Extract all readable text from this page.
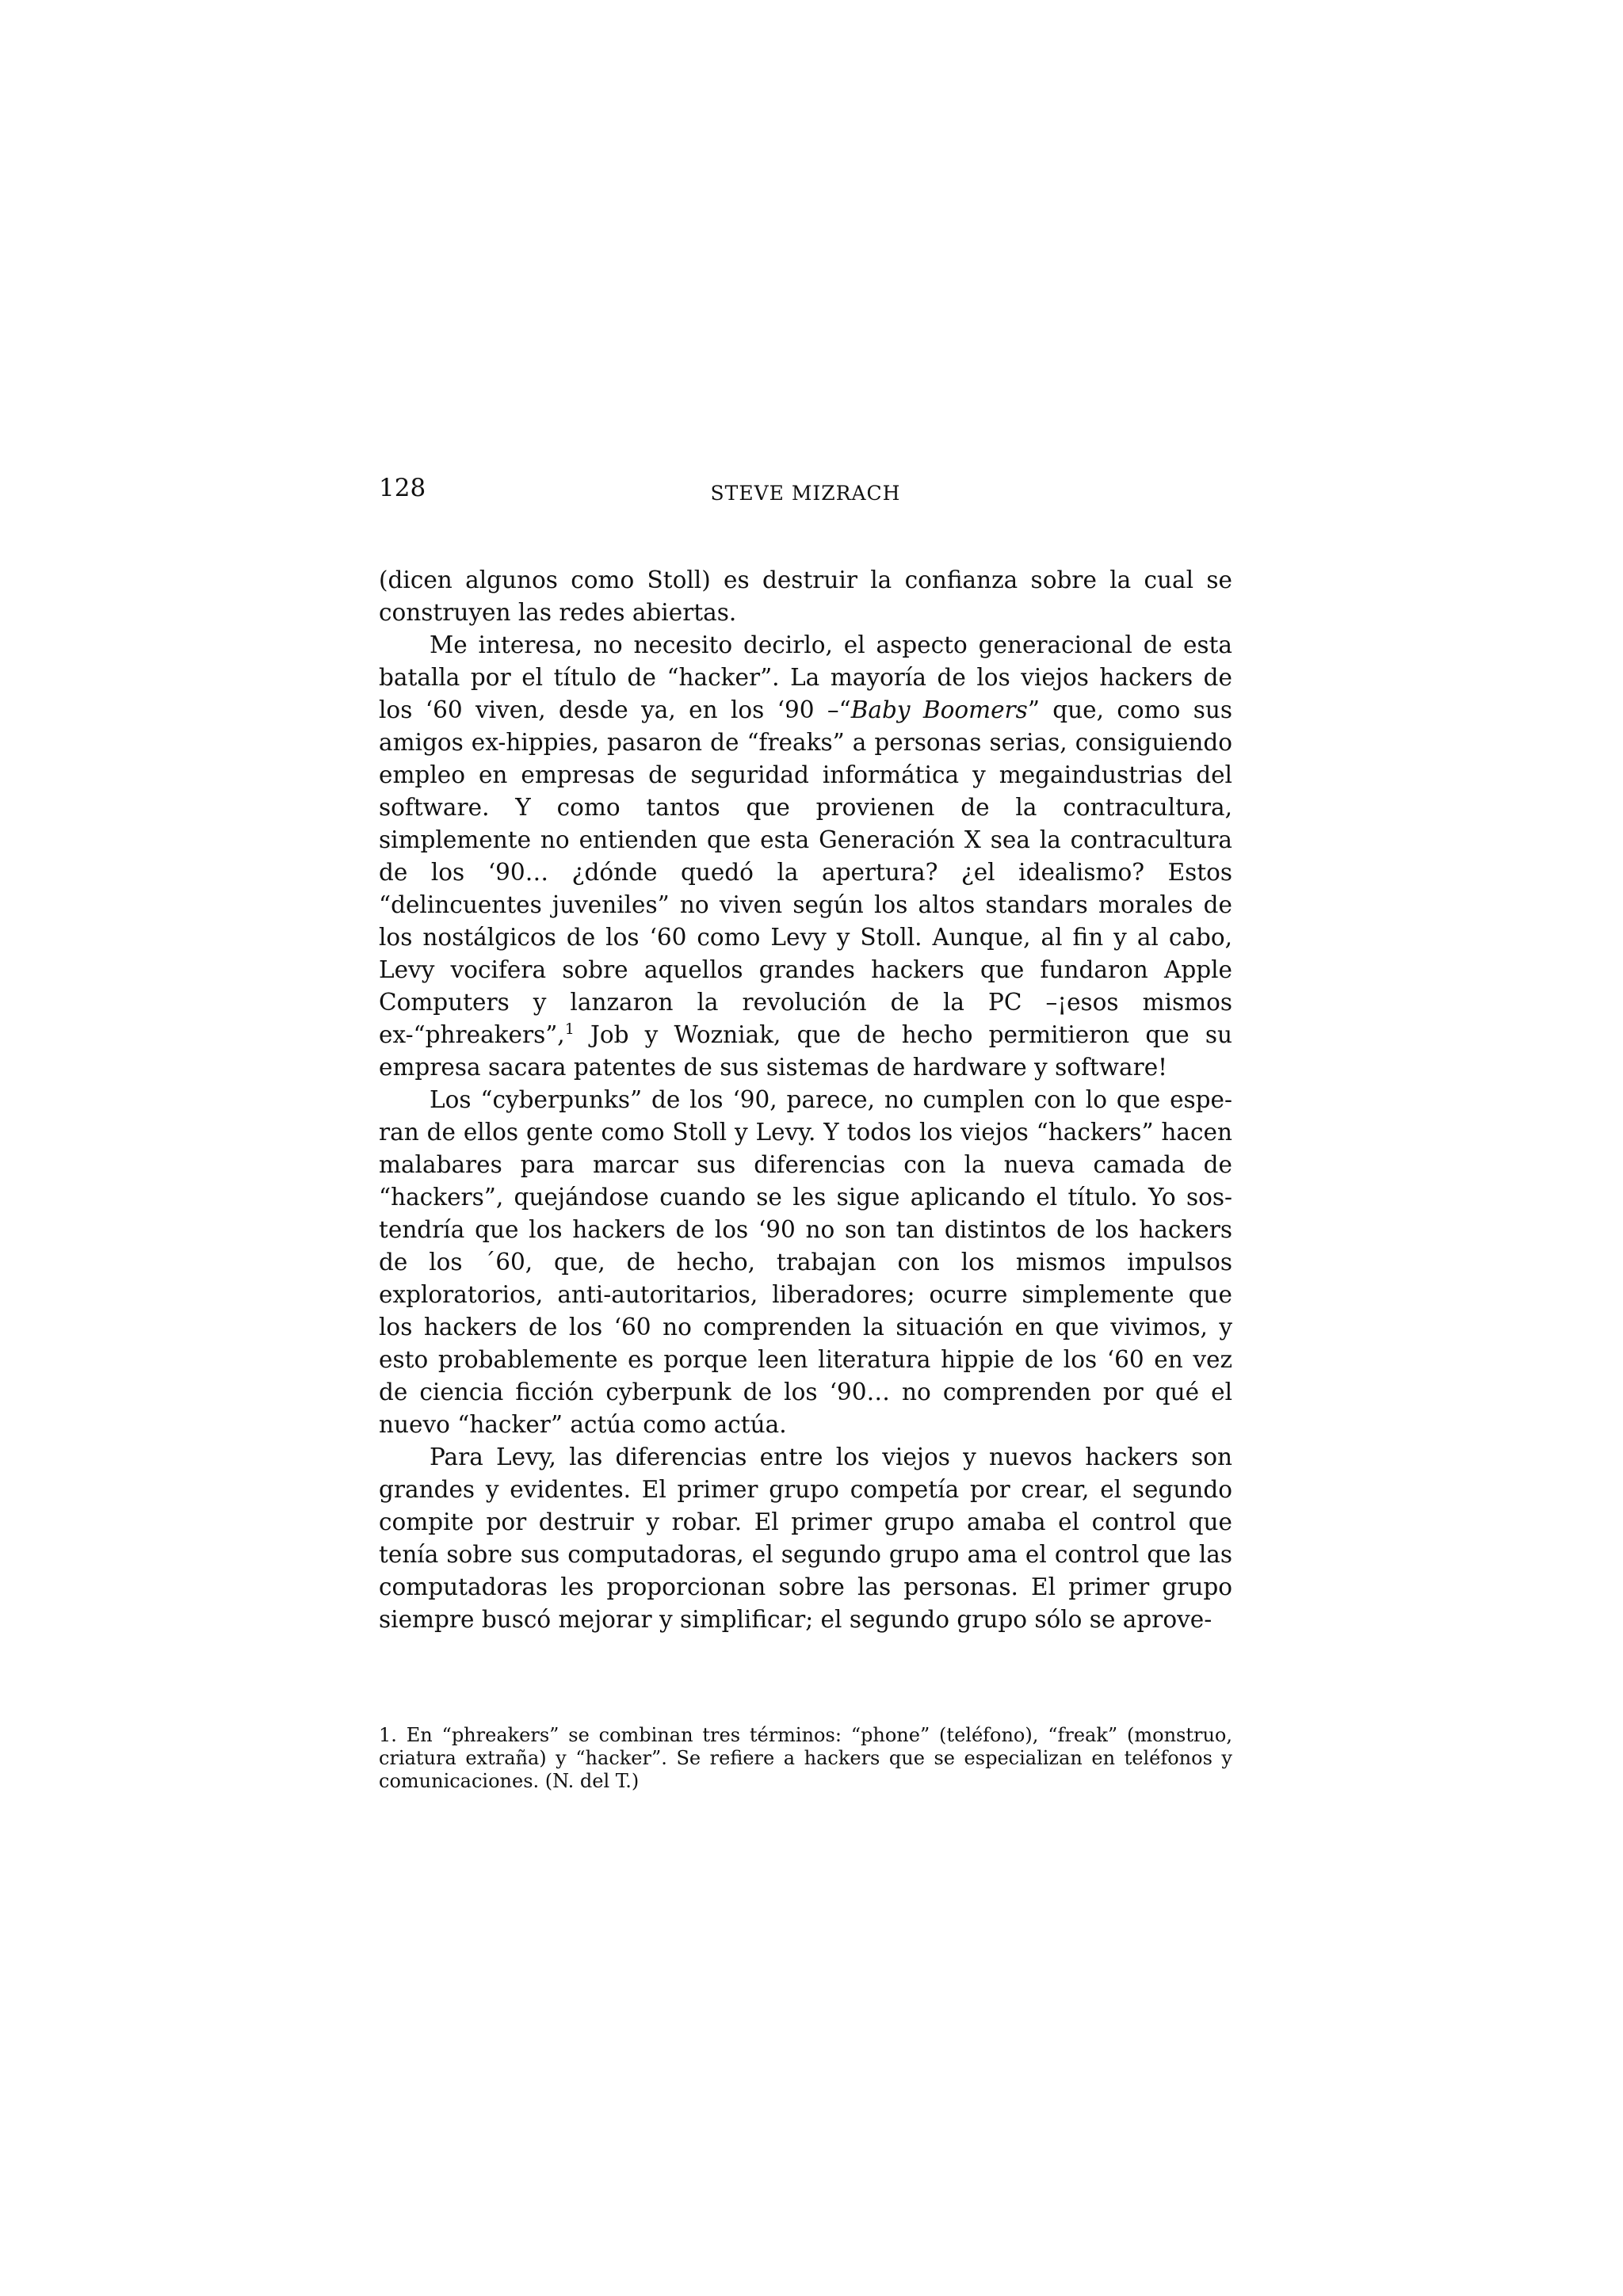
128	STEVE MIZRACH

(dicen algunos como Stoll) es destruir la confianza sobre la cual se construyen las redes abiertas.

Me interesa, no necesito decirlo, el aspecto generacional de esta batalla por el título de “hacker”. La mayoría de los viejos hackers de los ‘60 viven, desde ya, en los ‘90 –“Baby Boomers” que, como sus amigos ex-hippies, pasaron de “freaks” a personas serias, consiguiendo empleo en empresas de seguridad informática y megaindustrias del software. Y como tantos que provienen de la contracultura, simplemente no entienden que esta Generación X sea la contracultura de los ‘90… ¿dónde quedó la apertura? ¿el idealismo? Estos “delincuentes juveniles” no viven según los altos standars morales de los nostálgicos de los ‘60 como Levy y Stoll. Aunque, al fin y al cabo, Levy vocifera sobre aquellos grandes hackers que fundaron Apple Computers y lanzaron la revolución de la PC –¡esos mismos ex-“phreakers”,$^1$ Job y Wozniak, que de hecho permitieron que su empresa sacara patentes de sus sistemas de hardware y software!

Los “cyberpunks” de los ‘90, parece, no cumplen con lo que esperan de ellos gente como Stoll y Levy. Y todos los viejos “hackers” hacen malabares para marcar sus diferencias con la nueva camada de “hackers”, quejándose cuando se les sigue aplicando el título. Yo sostendría que los hackers de los ‘90 no son tan distintos de los hackers de los ´60, que, de hecho, trabajan con los mismos impulsos exploratorios, anti-autoritarios, liberadores; ocurre simplemente que los hackers de los ‘60 no comprenden la situación en que vivimos, y esto probablemente es porque leen literatura hippie de los ‘60 en vez de ciencia ficción cyberpunk de los ‘90… no comprenden por qué el nuevo “hacker” actúa como actúa.

Para Levy, las diferencias entre los viejos y nuevos hackers son grandes y evidentes. El primer grupo competía por crear, el segundo compite por destruir y robar. El primer grupo amaba el control que tenía sobre sus computadoras, el segundo grupo ama el control que las computadoras les proporcionan sobre las personas. El primer grupo siempre buscó mejorar y simplificar; el segundo grupo sólo se aprove-

1. En “phreakers” se combinan tres términos: “phone” (teléfono), “freak” (monstruo, criatura extraña) y “hacker”. Se refiere a hackers que se especializan en teléfonos y comunicaciones. (N. del T.)
